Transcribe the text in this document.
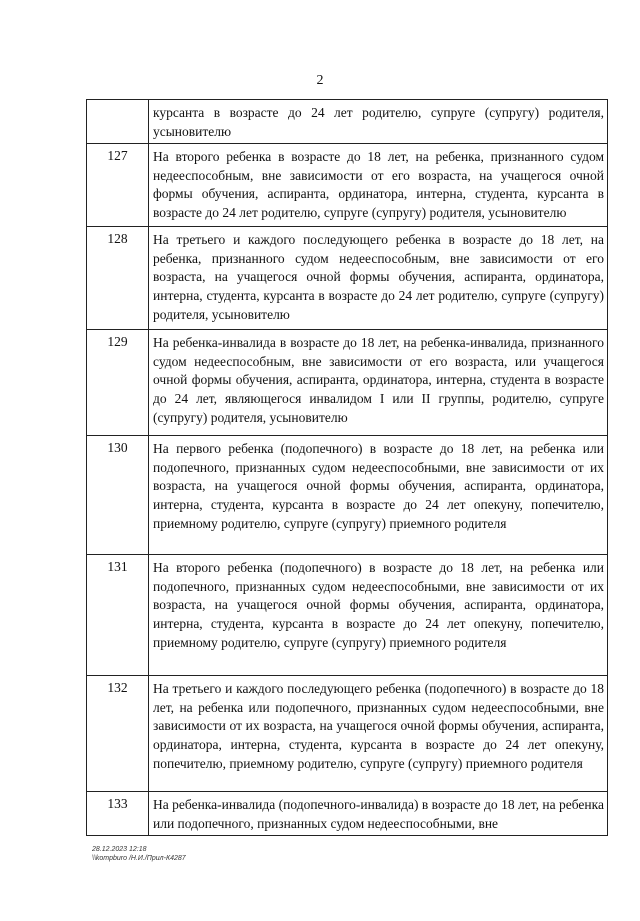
2
	курсанта в возрасте до 24 лет родителю, супруге (супругу) родителя, усыновителю

127	На второго ребенка в возрасте до 18 лет, на ребенка, признанного судом недееспособным, вне зависимости от его возраста, на учащегося очной формы обучения, аспиранта, ординатора, интерна, студента, курсанта в возрасте до 24 лет родителю, супруге (супругу) родителя, усыновителю

128	На третьего и каждого последующего ребенка в возрасте до 18 лет, на ребенка, признанного судом недееспособным, вне зависимости от его возраста, на учащегося очной формы обучения, аспиранта, ординатора, интерна, студента, курсанта в возрасте до 24 лет родителю, супруге (супругу) родителя, усыновителю

129	На ребенка-инвалида в возрасте до 18 лет, на ребенка-инвалида, признанного судом недееспособным, вне зависимости от его возраста, или учащегося очной формы обучения, аспиранта, ординатора, интерна, студента в возрасте до 24 лет, являющегося инвалидом I или II группы, родителю, супруге (супругу) родителя, усыновителю

130	На первого ребенка (подопечного) в возрасте до 18 лет, на ребенка или подопечного, признанных судом недееспособными, вне зависимости от их возраста, на учащегося очной формы обучения, аспиранта, ординатора, интерна, студента, курсанта в возрасте до 24 лет опекуну, попечителю, приемному родителю, супруге (супругу) приемного родителя

131	На второго ребенка (подопечного) в возрасте до 18 лет, на ребенка или подопечного, признанных судом недееспособными, вне зависимости от их возраста, на учащегося очной формы обучения, аспиранта, ординатора, интерна, студента, курсанта в возрасте до 24 лет опекуну, попечителю, приемному родителю, супруге (супругу) приемного родителя

132	На третьего и каждого последующего ребенка (подопечного) в возрасте до 18 лет, на ребенка или подопечного, признанных судом недееспособными, вне зависимости от их возраста, на учащегося очной формы обучения, аспиранта, ординатора, интерна, студента, курсанта в возрасте до 24 лет опекуну, попечителю, приемному родителю, супруге (супругу) приемного родителя

133	На ребенка-инвалида (подопечного-инвалида) в возрасте до 18 лет, на ребенка или подопечного, признанных судом недееспособными, вне
28.12.2023 12:18
\\kompburo /Н.И./Прил-К4287
